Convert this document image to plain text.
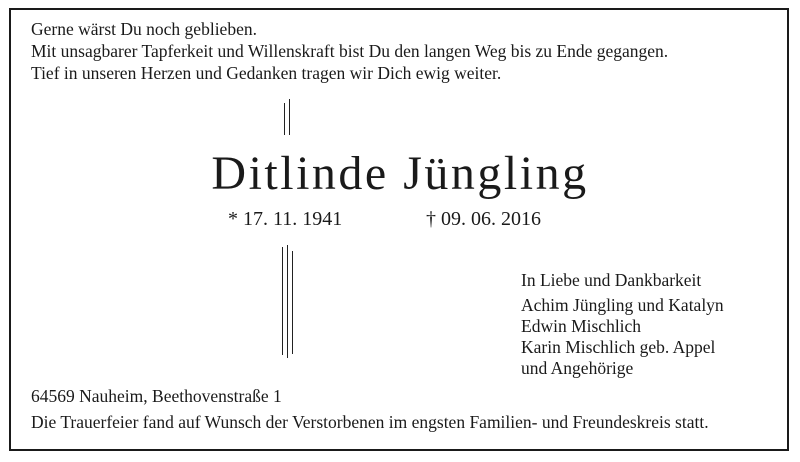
Gerne wärst Du noch geblieben.
Mit unsagbarer Tapferkeit und Willenskraft bist Du den langen Weg bis zu Ende gegangen.
Tief in unseren Herzen und Gedanken tragen wir Dich ewig weiter.
Ditlinde Jüngling
* 17. 11. 1941	† 09. 06. 2016
In Liebe und Dankbarkeit
Achim Jüngling und Katalyn
Edwin Mischlich
Karin Mischlich geb. Appel
und Angehörige
64569 Nauheim, Beethovenstraße 1
Die Trauerfeier fand auf Wunsch der Verstorbenen im engsten Familien- und Freundeskreis statt.
